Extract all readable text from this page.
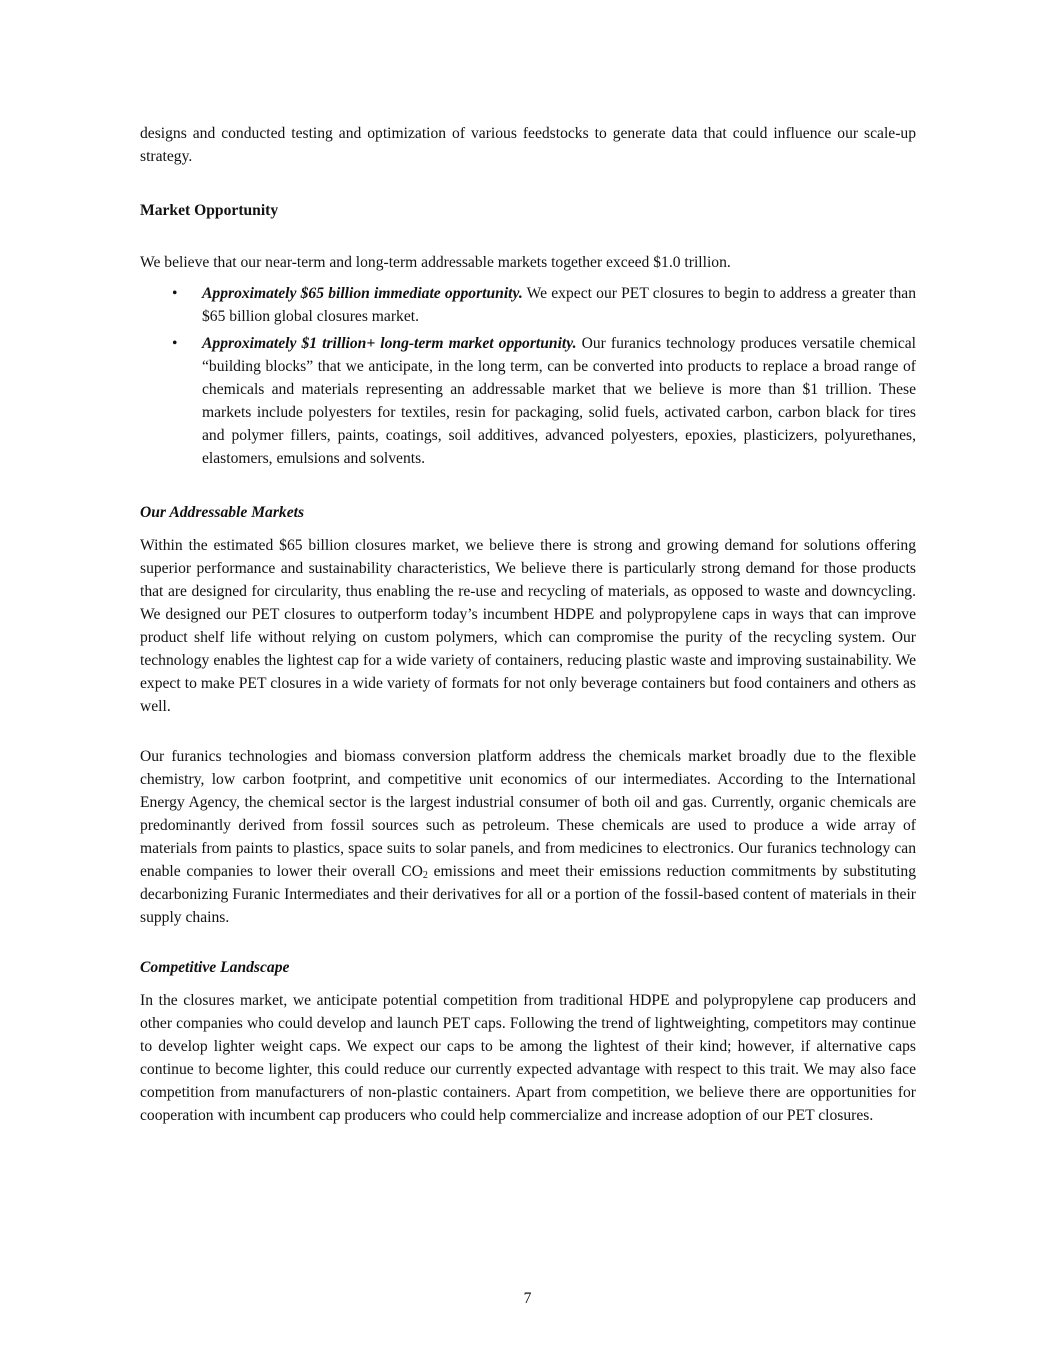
designs and conducted testing and optimization of various feedstocks to generate data that could influence our scale-up strategy.

Market Opportunity

We believe that our near-term and long-term addressable markets together exceed $1.0 trillion.

• Approximately $65 billion immediate opportunity. We expect our PET closures to begin to address a greater than $65 billion global closures market.
• Approximately $1 trillion+ long-term market opportunity. Our furanics technology produces versatile chemical “building blocks” that we anticipate, in the long term, can be converted into products to replace a broad range of chemicals and materials representing an addressable market that we believe is more than $1 trillion. These markets include polyesters for textiles, resin for packaging, solid fuels, activated carbon, carbon black for tires and polymer fillers, paints, coatings, soil additives, advanced polyesters, epoxies, plasticizers, polyurethanes, elastomers, emulsions and solvents.

Our Addressable Markets

Within the estimated $65 billion closures market, we believe there is strong and growing demand for solutions offering superior performance and sustainability characteristics, We believe there is particularly strong demand for those products that are designed for circularity, thus enabling the re-use and recycling of materials, as opposed to waste and downcycling. We designed our PET closures to outperform today’s incumbent HDPE and polypropylene caps in ways that can improve product shelf life without relying on custom polymers, which can compromise the purity of the recycling system. Our technology enables the lightest cap for a wide variety of containers, reducing plastic waste and improving sustainability. We expect to make PET closures in a wide variety of formats for not only beverage containers but food containers and others as well.

Our furanics technologies and biomass conversion platform address the chemicals market broadly due to the flexible chemistry, low carbon footprint, and competitive unit economics of our intermediates. According to the International Energy Agency, the chemical sector is the largest industrial consumer of both oil and gas. Currently, organic chemicals are predominantly derived from fossil sources such as petroleum. These chemicals are used to produce a wide array of materials from paints to plastics, space suits to solar panels, and from medicines to electronics. Our furanics technology can enable companies to lower their overall $CO_2$ emissions and meet their emissions reduction commitments by substituting decarbonizing Furanic Intermediates and their derivatives for all or a portion of the fossil-based content of materials in their supply chains.

Competitive Landscape

In the closures market, we anticipate potential competition from traditional HDPE and polypropylene cap producers and other companies who could develop and launch PET caps. Following the trend of lightweighting, competitors may continue to develop lighter weight caps. We expect our caps to be among the lightest of their kind; however, if alternative caps continue to become lighter, this could reduce our currently expected advantage with respect to this trait. We may also face competition from manufacturers of non-plastic containers. Apart from competition, we believe there are opportunities for cooperation with incumbent cap producers who could help commercialize and increase adoption of our PET closures.

7
